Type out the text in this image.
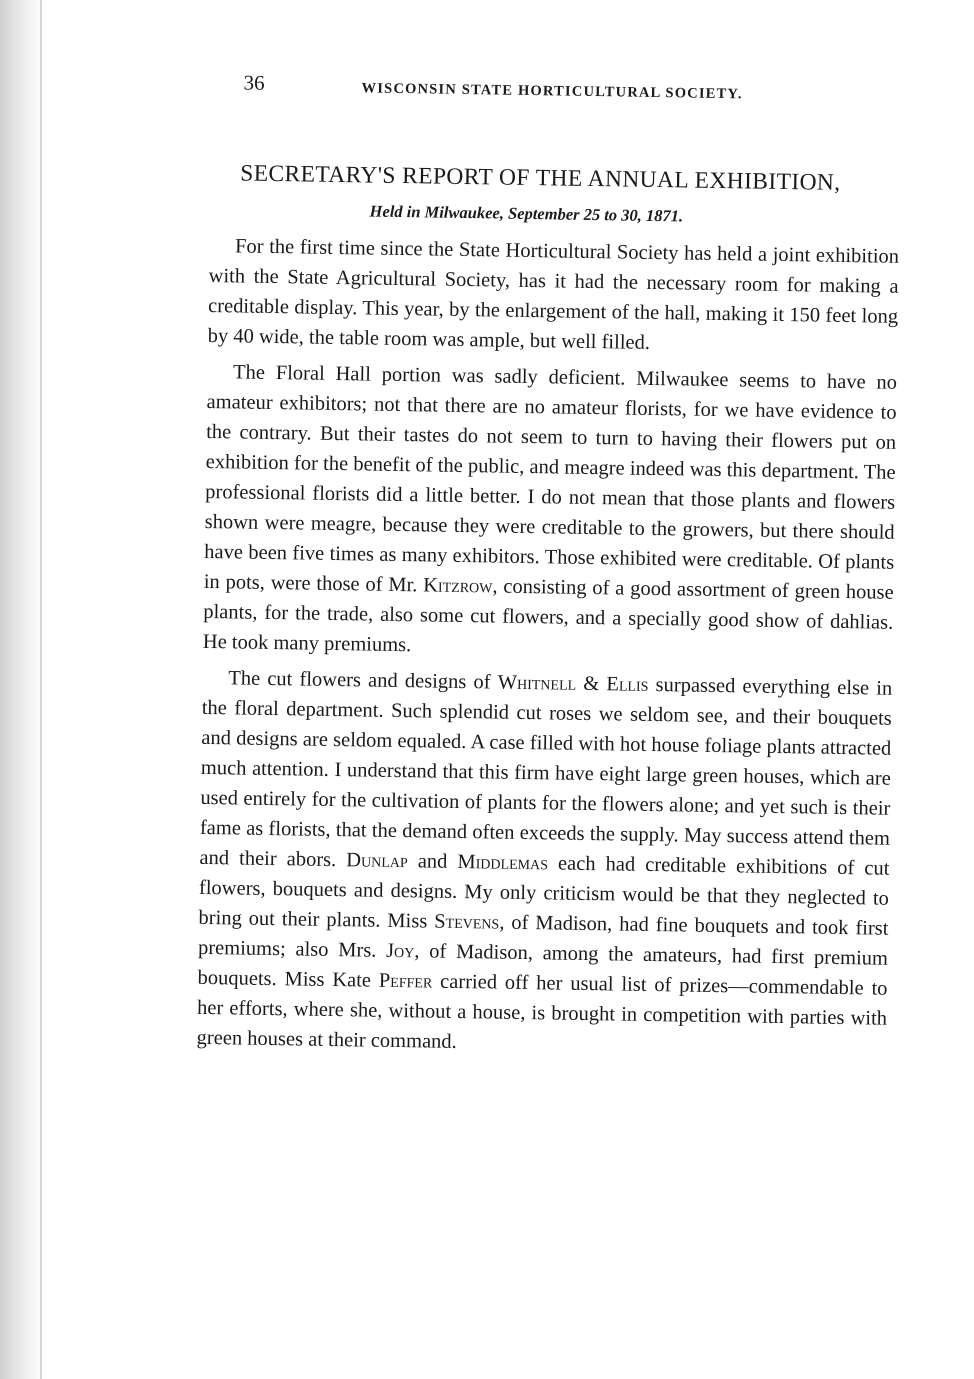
36	WISCONSIN STATE HORTICULTURAL SOCIETY.
SECRETARY'S REPORT OF THE ANNUAL EXHIBITION,
Held in Milwaukee, September 25 to 30, 1871.

For the first time since the State Horticultural Society has held a joint exhibition with the State Agricultural Society, has it had the necessary room for making a creditable display. This year, by the enlargement of the hall, making it 150 feet long by 40 wide, the table room was ample, but well filled.

The Floral Hall portion was sadly deficient. Milwaukee seems to have no amateur exhibitors; not that there are no amateur florists, for we have evidence to the contrary. But their tastes do not seem to turn to having their flowers put on exhibition for the benefit of the public, and meagre indeed was this department. The professional florists did a little better. I do not mean that those plants and flowers shown were meagre, because they were creditable to the growers, but there should have been five times as many exhibitors. Those exhibited were creditable. Of plants in pots, were those of Mr. Kitzrow, consisting of a good assortment of green house plants, for the trade, also some cut flowers, and a specially good show of dahlias. He took many premiums.

The cut flowers and designs of Whitnell & Ellis surpassed everything else in the floral department. Such splendid cut roses we seldom see, and their bouquets and designs are seldom equaled. A case filled with hot house foliage plants attracted much attention. I understand that this firm have eight large green houses, which are used entirely for the cultivation of plants for the flowers alone; and yet such is their fame as florists, that the demand often exceeds the supply. May success attend them and their abors. Dunlap and Middlemas each had creditable exhibitions of cut flowers, bouquets and designs. My only criticism would be that they neglected to bring out their plants. Miss Stevens, of Madison, had fine bouquets and took first premiums; also Mrs. Joy, of Madison, among the amateurs, had first premium bouquets. Miss Kate Peffer carried off her usual list of prizes—commendable to her efforts, where she, without a house, is brought in competition with parties with green houses at their command.
